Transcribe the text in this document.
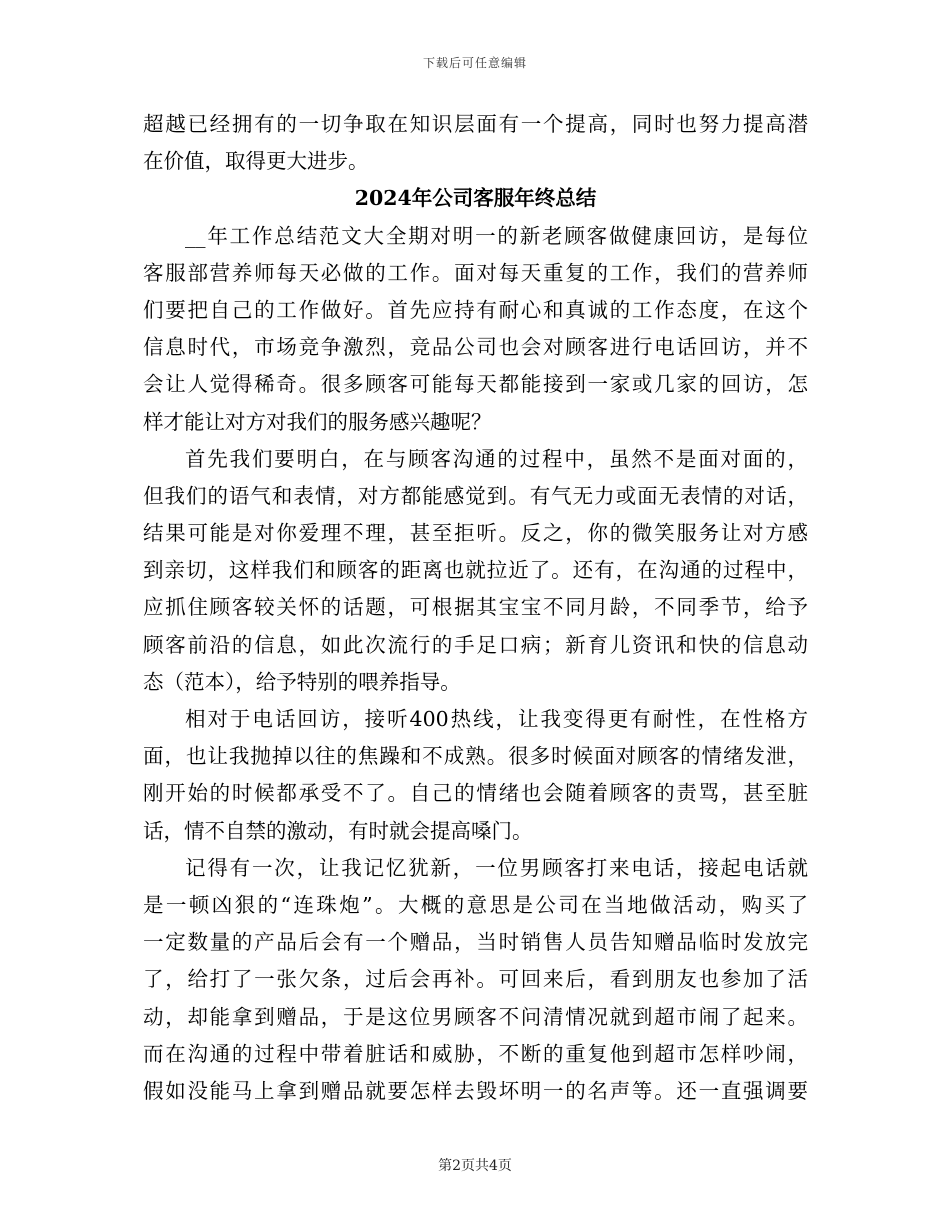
下载后可任意编辑
超越已经拥有的一切争取在知识层面有一个提高，同时也努力提高潜
在价值，取得更大进步。
2024年公司客服年终总结
__年工作总结范文大全期对明一的新老顾客做健康回访，是每位
客服部营养师每天必做的工作。面对每天重复的工作，我们的营养师
们要把自己的工作做好。首先应持有耐心和真诚的工作态度，在这个
信息时代，市场竞争激烈，竞品公司也会对顾客进行电话回访，并不
会让人觉得稀奇。很多顾客可能每天都能接到一家或几家的回访，怎
样才能让对方对我们的服务感兴趣呢？
首先我们要明白，在与顾客沟通的过程中，虽然不是面对面的，
但我们的语气和表情，对方都能感觉到。有气无力或面无表情的对话，
结果可能是对你爱理不理，甚至拒听。反之，你的微笑服务让对方感
到亲切，这样我们和顾客的距离也就拉近了。还有，在沟通的过程中，
应抓住顾客较关怀的话题，可根据其宝宝不同月龄，不同季节，给予
顾客前沿的信息，如此次流行的手足口病；新育儿资讯和快的信息动
态（范本），给予特别的喂养指导。
相对于电话回访，接听400热线，让我变得更有耐性，在性格方
面，也让我抛掉以往的焦躁和不成熟。很多时候面对顾客的情绪发泄，
刚开始的时候都承受不了。自己的情绪也会随着顾客的责骂，甚至脏
话，情不自禁的激动，有时就会提高嗓门。
记得有一次，让我记忆犹新，一位男顾客打来电话，接起电话就
是一顿凶狠的“连珠炮”。大概的意思是公司在当地做活动，购买了
一定数量的产品后会有一个赠品，当时销售人员告知赠品临时发放完
了，给打了一张欠条，过后会再补。可回来后，看到朋友也参加了活
动，却能拿到赠品，于是这位男顾客不问清情况就到超市闹了起来。
而在沟通的过程中带着脏话和威胁，不断的重复他到超市怎样吵闹，
假如没能马上拿到赠品就要怎样去毁坏明一的名声等。还一直强调要
第2页共4页
